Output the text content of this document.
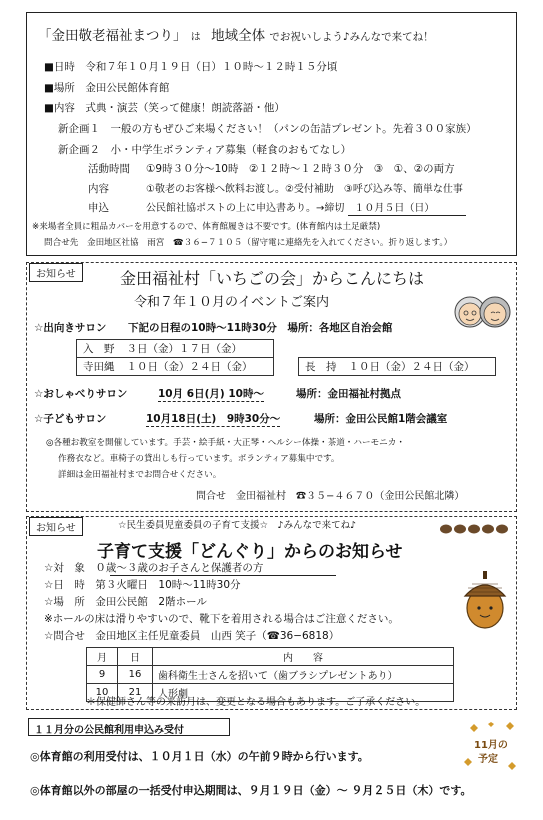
「金田敬老福祉まつり」 は 地域全体 でお祝いしよう♪みんなで来てね！
■日時　令和７年１０月１９日（日）１０時～１２時１５分頃
■場所　金田公民館体育館
■内容　式典・演芸（笑って健康！朗読落語・他）
新企画１　一般の方もぜひご来場ください！（パンの缶詰プレゼント。先着３００家族）
新企画２　小・中学生ボランティア募集（軽食のおもてなし）
活動時間 ①9時３０分～10時　②１２時～１２時３０分　③　①、②の両方
内容	①敬老のお客様へ飲料お渡し。②受付補助　③呼び込み等、簡単な仕事
申込	公民館社協ポストの上に申込書あり。→締切　１０月５日（日）
※来場者全員に粗品カバーを用意するので、体育館履きは不要です。(体育館内は土足厳禁)
問合せ先　金田地区社協　雨宮　☎３６−７１０５（留守電に連絡先を入れてください。折り返します。）
お知らせ	金田福祉村「いちごの会」からこんにちは
令和７年１０月のイベントご案内
☆出向きサロン 下記の日程の10時～11時30分　場所：各地区自治会館
入　野	３日（金）１７日（金）
寺田縄	１０日（金）２４日（金）	長　持	１０日（金）２４日（金）
☆おしゃべりサロン	10月 6日(月) 10時～	場所：金田福祉村拠点
☆子どもサロン	10月18日(土)　9時30分～	場所：金田公民館1階会議室
◎各種お教室を開催しています。手芸・絵手紙・大正琴・ヘルシー体操・茶道・ハーモニカ・
作務衣など。車椅子の貸出しも行っています。ボランティア募集中です。
詳細は金田福祉村までお問合せください。
問合せ　金田福祉村　☎３５−４６７０（金田公民館北隣）
お知らせ	☆民生委員児童委員の子育て支援☆　♪みんなで来てね♪
子育て支援「どんぐり」からのお知らせ
☆対　象　０歳～３歳のお子さんと保護者の方
☆日　時　第３火曜日　10時～11時30分
☆場　所　金田公民館　2階ホール
※ホールの床は滑りやすいので、靴下を着用される場合はご注意ください。
☆問合せ　金田地区主任児童委員　山西 笑子（☎36−6818）
月	日	内　　容
9	16	歯科衛生士さんを招いて（歯ブラシプレゼントあり）
10	21	人形劇
＊保健師さん等の来訪月は、変更となる場合もあります。ご了承ください。
１１月分の公民館利用申込み受付
◎体育館の利用受付は、１０月１日（水）の午前９時から行います。
◎体育館以外の部屋の一括受付申込期間は、９月１９日（金）～ ９月２５日（木）です。
11月の
予定
